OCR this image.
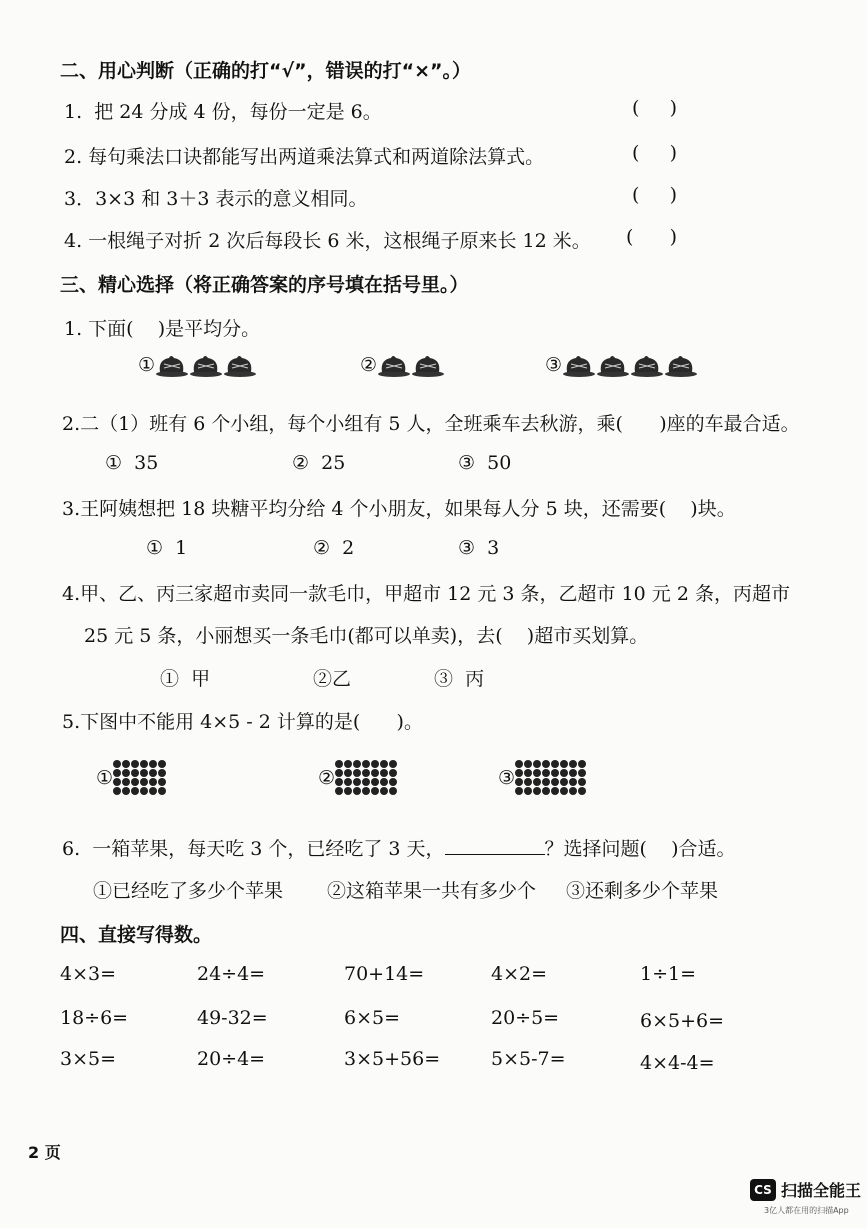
二、用心判断（正确的打“√”，错误的打“×”。）
1.  把 24 分成 4 份，每份一定是 6。	(     )
2. 每句乘法口诀都能写出两道乘法算式和两道除法算式。	(     )
3．3×3 和 3＋3 表示的意义相同。	(     )
4. 一根绳子对折 2 次后每段长 6 米，这根绳子原来长 12 米。 (      )
三、精心选择（将正确答案的序号填在括号里。）
1. 下面(    )是平均分。
①	②	③
2.二（1）班有 6 个小组，每个小组有 5 人，全班乘车去秋游，乘(      )座的车最合适。
①  35	②  25	③  50
3.王阿姨想把 18 块糖平均分给 4 个小朋友，如果每人分 5 块，还需要(    )块。
①  1	②  2	③  3
4.甲、乙、丙三家超市卖同一款毛巾，甲超市 12 元 3 条，乙超市 10 元 2 条，丙超市
25 元 5 条，小丽想买一条毛巾(都可以单卖)，去(    )超市买划算。
①  甲	②乙	③  丙
5.下图中不能用 4×5 - 2 计算的是(      )。
①	②	③
6.  一箱苹果，每天吃 3 个，已经吃了 3 天，	？选择问题(    )合适。
①已经吃了多少个苹果 ②这箱苹果一共有多少个 ③还剩多少个苹果
四、直接写得数。
4×3=	24÷4=	70+14=	4×2=	1÷1=
18÷6=	49-32=	6×5=	20÷5=	6×5+6=
3×5=	20÷4=	3×5+56=	5×5-7=	4×4-4=
2 页
CS 扫描全能王
3亿人都在用的扫描App
